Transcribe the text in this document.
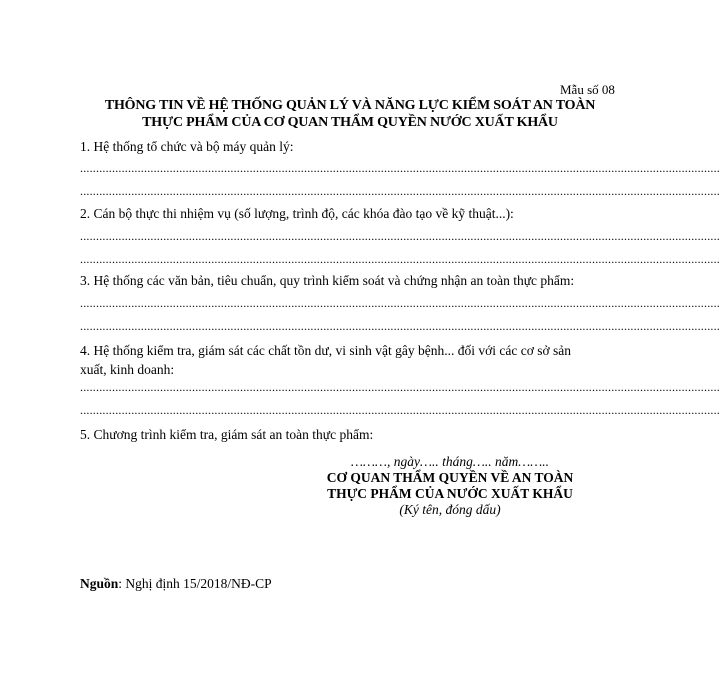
Mẫu số 08
THÔNG TIN VỀ HỆ THỐNG QUẢN LÝ VÀ NĂNG LỰC KIỂM SOÁT AN TOÀN
THỰC PHẨM CỦA CƠ QUAN THẨM QUYỀN NƯỚC XUẤT KHẨU
1. Hệ thống tổ chức và bộ máy quản lý:
........................................................................................................................................................................................................
........................................................................................................................................................................................................
2. Cán bộ thực thi nhiệm vụ (số lượng, trình độ, các khóa đào tạo về kỹ thuật...):
........................................................................................................................................................................................................
........................................................................................................................................................................................................
3. Hệ thống các văn bản, tiêu chuẩn, quy trình kiểm soát và chứng nhận an toàn thực phẩm:
........................................................................................................................................................................................................
........................................................................................................................................................................................................
4. Hệ thống kiểm tra, giám sát các chất tồn dư, vi sinh vật gây bệnh... đối với các cơ sở sản xuất, kinh doanh:
........................................................................................................................................................................................................
........................................................................................................................................................................................................
5. Chương trình kiểm tra, giám sát an toàn thực phẩm:
………, ngày….. tháng….. năm……..
CƠ QUAN THẨM QUYỀN VỀ AN TOÀN
THỰC PHẨM CỦA NƯỚC XUẤT KHẨU
(Ký tên, đóng dấu)
Nguồn: Nghị định 15/2018/NĐ-CP
